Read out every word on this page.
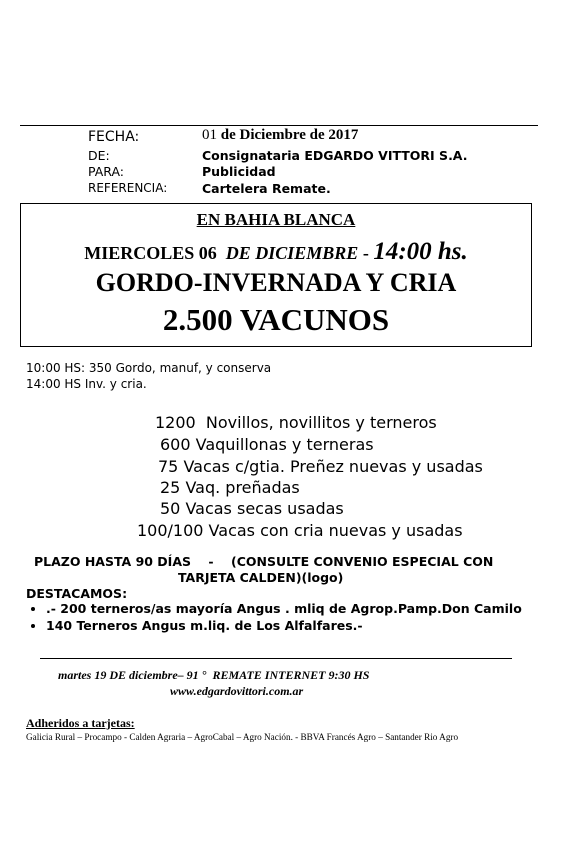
FECHA:	01 de Diciembre de 2017
DE:	Consignataria EDGARDO VITTORI S.A.
PARA:	Publicidad
REFERENCIA:	Cartelera Remate.
EN BAHIA BLANCA
MIERCOLES 06  DE DICIEMBRE - 14:00 hs.
GORDO-INVERNADA Y CRIA
2.500 VACUNOS
10:00 HS: 350 Gordo, manuf, y conserva
14:00 HS Inv. y cria.
1200  Novillos, novillitos y terneros
600 Vaquillonas y terneras
75 Vacas c/gtia. Preñez nuevas y usadas
25 Vaq. preñadas
50 Vacas secas usadas
100/100 Vacas con cria nuevas y usadas
PLAZO HASTA 90 DÍAS    -    (CONSULTE CONVENIO ESPECIAL CON
TARJETA CALDEN)(logo)
DESTACAMOS:
• .- 200 terneros/as mayoría Angus . mliq de Agrop.Pamp.Don Camilo
• 140 Terneros Angus m.liq. de Los Alfalfares.-
martes 19 DE diciembre– 91 °  REMATE INTERNET 9:30 HS
www.edgardovittori.com.ar
Adheridos a tarjetas:
Galicia Rural – Procampo - Calden Agraria – AgroCabal – Agro Nación. - BBVA Francés Agro – Santander Rio Agro
